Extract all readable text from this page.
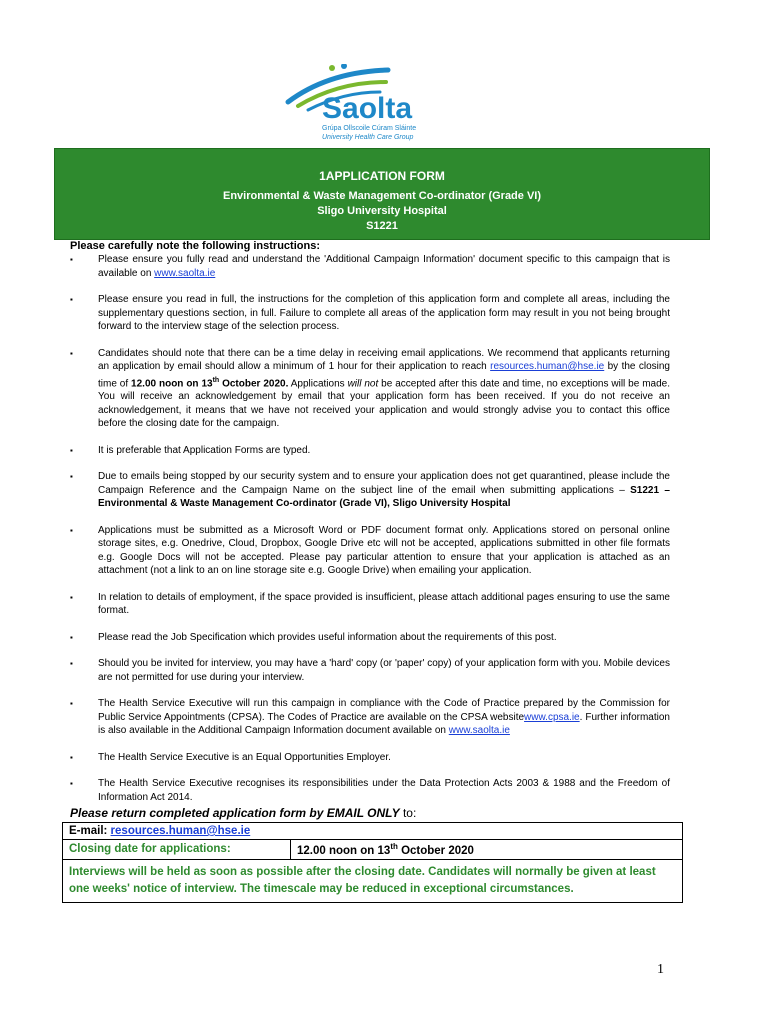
Saolta
Grúpa Ollscoile Cúram Sláinte
University Health Care Group
1APPLICATION FORM
Environmental & Waste Management Co-ordinator (Grade VI)
Sligo University Hospital
S1221
Please carefully note the following instructions:
▪	Please ensure you fully read and understand the 'Additional Campaign Information' document specific to this campaign that is available on www.saolta.ie
▪	Please ensure you read in full, the instructions for the completion of this application form and complete all areas, including the supplementary questions section, in full. Failure to complete all areas of the application form may result in you not being brought forward to the interview stage of the selection process.
▪	Candidates should note that there can be a time delay in receiving email applications. We recommend that applicants returning an application by email should allow a minimum of 1 hour for their application to reach resources.human@hse.ie by the closing time of 12.00 noon on 13th October 2020. Applications will not be accepted after this date and time, no exceptions will be made. You will receive an acknowledgement by email that your application form has been received. If you do not receive an acknowledgement, it means that we have not received your application and would strongly advise you to contact this office before the closing date for the campaign.
▪	It is preferable that Application Forms are typed.
▪	Due to emails being stopped by our security system and to ensure your application does not get quarantined, please include the Campaign Reference and the Campaign Name on the subject line of the email when submitting applications – S1221 – Environmental & Waste Management Co-ordinator (Grade VI), Sligo University Hospital
▪	Applications must be submitted as a Microsoft Word or PDF document format only. Applications stored on personal online storage sites, e.g. Onedrive, Cloud, Dropbox, Google Drive etc will not be accepted, applications submitted in other file formats e.g. Google Docs will not be accepted. Please pay particular attention to ensure that your application is attached as an attachment (not a link to an on line storage site e.g. Google Drive) when emailing your application.
▪	In relation to details of employment, if the space provided is insufficient, please attach additional pages ensuring to use the same format.
▪	Please read the Job Specification which provides useful information about the requirements of this post.
▪	Should you be invited for interview, you may have a 'hard' copy (or 'paper' copy) of your application form with you. Mobile devices are not permitted for use during your interview.
▪	The Health Service Executive will run this campaign in compliance with the Code of Practice prepared by the Commission for Public Service Appointments (CPSA). The Codes of Practice are available on the CPSA websitewww.cpsa.ie. Further information is also available in the Additional Campaign Information document available on www.saolta.ie
▪	The Health Service Executive is an Equal Opportunities Employer.
▪	The Health Service Executive recognises its responsibilities under the Data Protection Acts 2003 & 1988 and the Freedom of Information Act 2014.
Please return completed application form by EMAIL ONLY to:
E-mail: resources.human@hse.ie
Closing date for applications:	12.00 noon on 13th October 2020
Interviews will be held as soon as possible after the closing date. Candidates will normally be given at least one weeks' notice of interview. The timescale may be reduced in exceptional circumstances.
1
